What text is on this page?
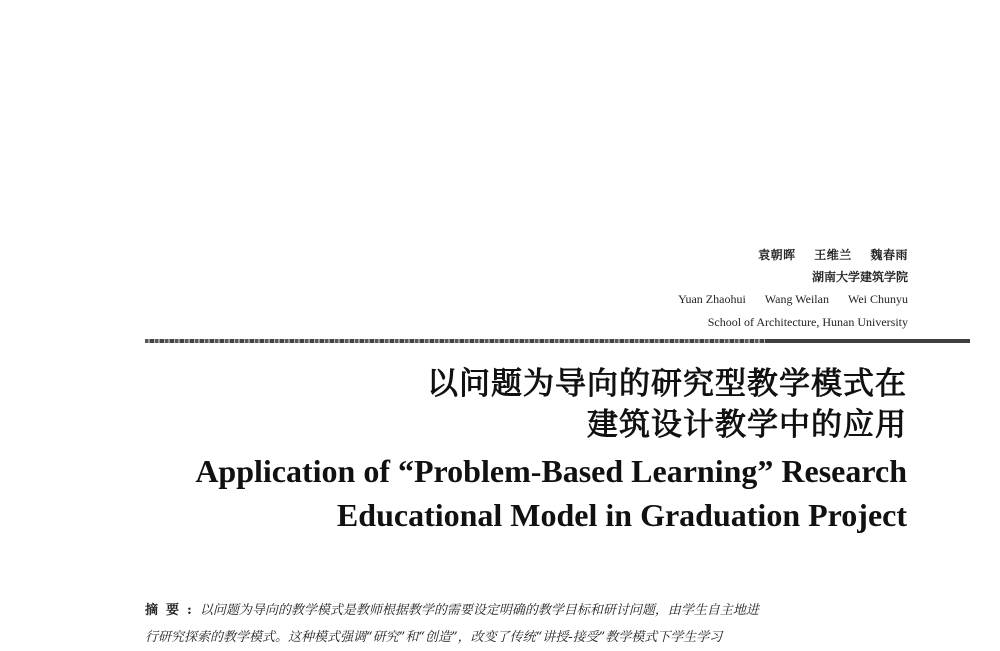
袁朝晖 王维兰 魏春雨
湖南大学建筑学院
Yuan Zhaohui Wang Weilan Wei Chunyu
School of Architecture, Hunan University
以问题为导向的研究型教学模式在
建筑设计教学中的应用
Application of “Problem-Based Learning” Research
Educational Model in Graduation Project
摘要:以问题为导向的教学模式是教师根据教学的需要设定明确的教学目标和研讨问题，由学生自主地进
行研究探索的教学模式。这种模式强调“研究”和“创造”，改变了传统“讲授-接受”教学模式下学生学习
